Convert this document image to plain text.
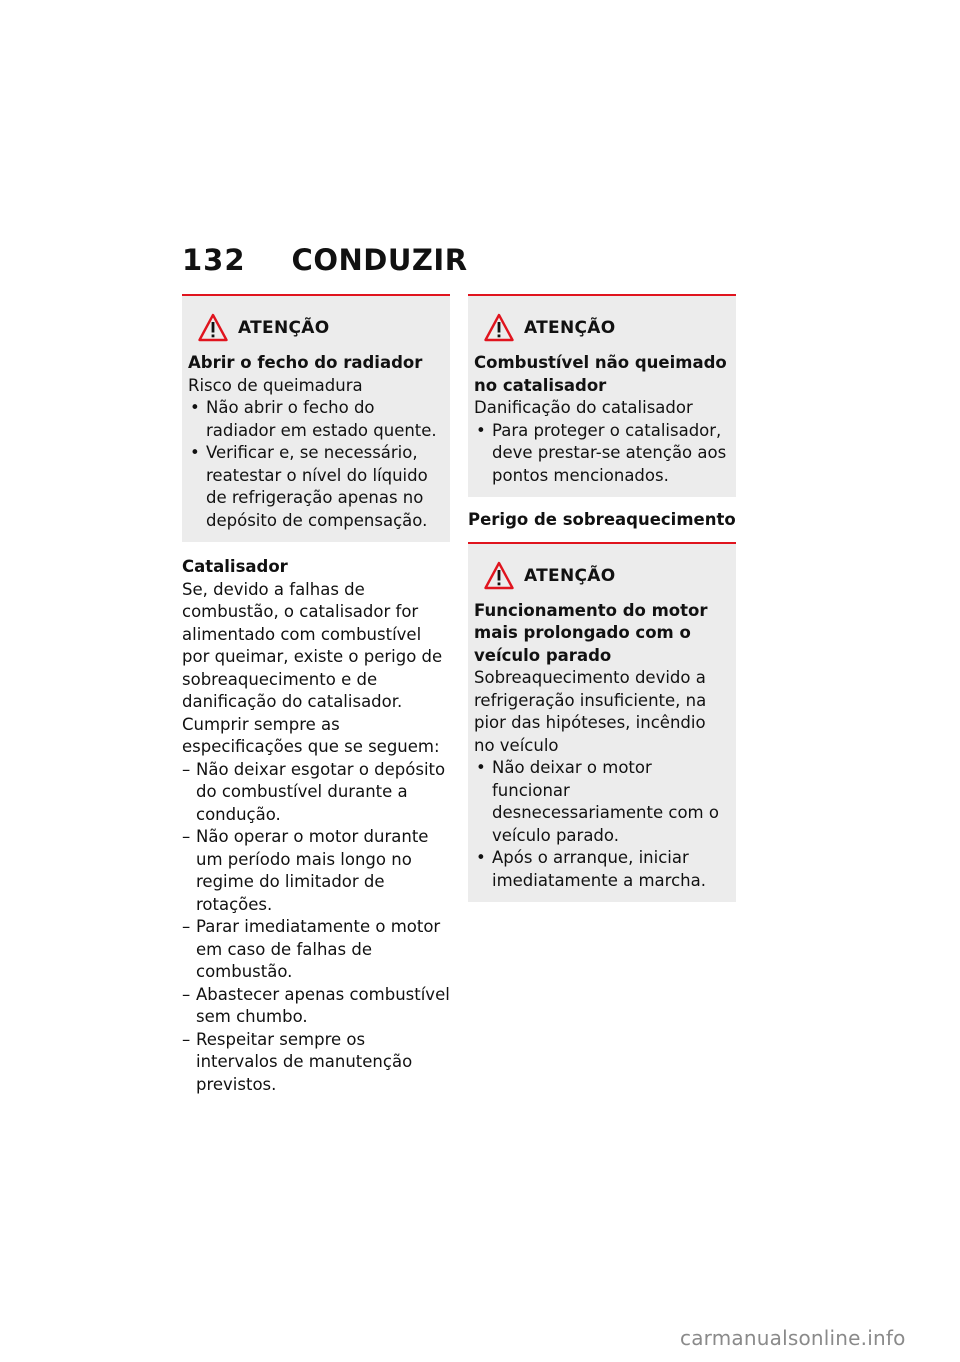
132 CONDUZIR
ATENÇÃO
Abrir o fecho do radiador
Risco de queimadura
• Não abrir o fecho do radiador em estado quente.
• Verificar e, se necessário, reatestar o nível do líquido de refrigeração apenas no depósito de compensação.
Catalisador

Se, devido a falhas de combustão, o catalisador for alimentado com combustível por queimar, existe o perigo de sobreaquecimento e de danificação do catalisador.

Cumprir sempre as especificações que se seguem:

– Não deixar esgotar o depósito do combustível durante a condução.
– Não operar o motor durante um período mais longo no regime do limitador de rotações.
– Parar imediatamente o motor em caso de falhas de combustão.
– Abastecer apenas combustível sem chumbo.
– Respeitar sempre os intervalos de manutenção previstos.
ATENÇÃO
Combustível não queimado no catalisador
Danificação do catalisador
• Para proteger o catalisador, deve prestar-se atenção aos pontos mencionados.
Perigo de sobreaquecimento
ATENÇÃO
Funcionamento do motor mais prolongado com o veículo parado
Sobreaquecimento devido a refrigeração insuficiente, na pior das hipóteses, incêndio no veículo
• Não deixar o motor funcionar desnecessariamente com o veículo parado.
• Após o arranque, iniciar imediatamente a marcha.
carmanualsonline.info
